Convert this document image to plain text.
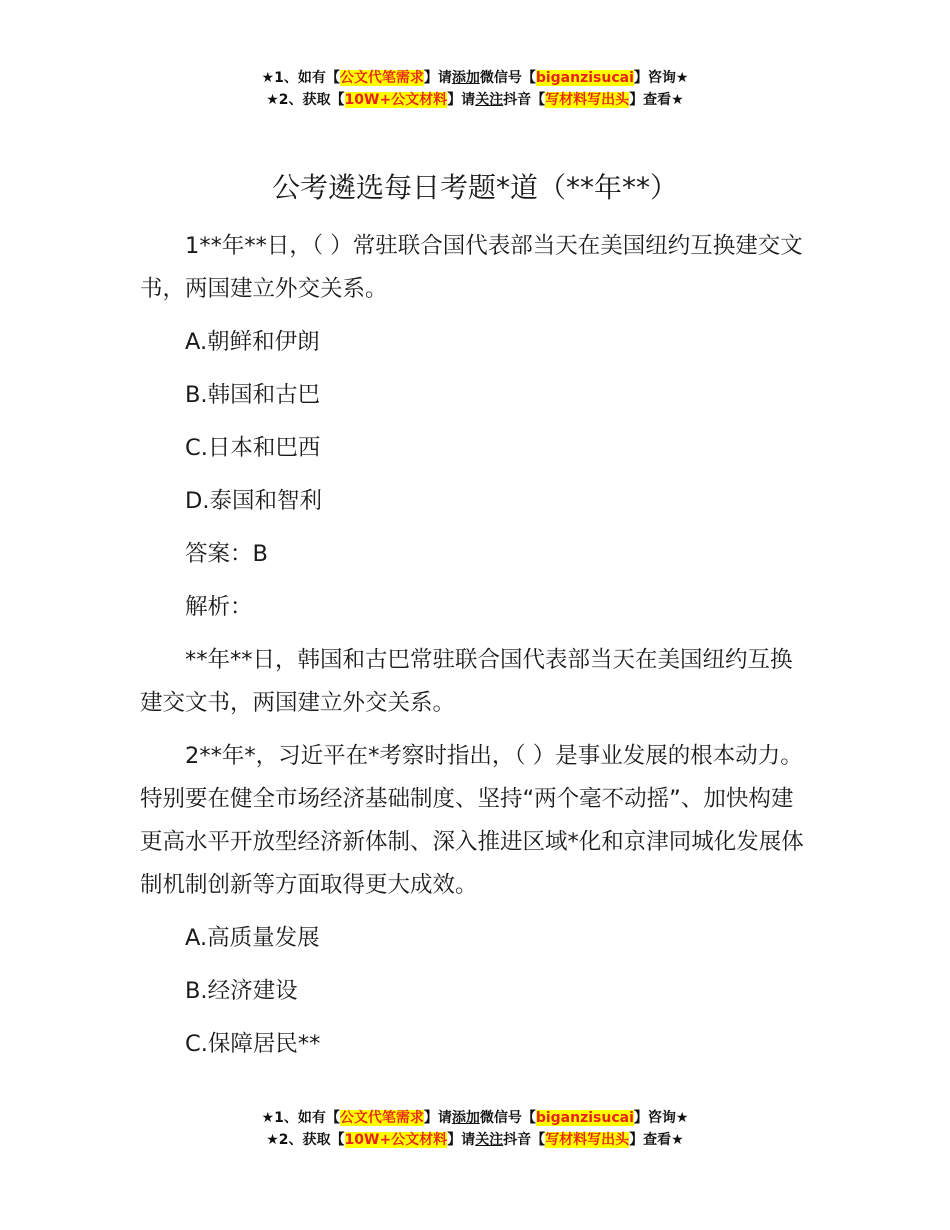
★1、如有【公文代笔需求】请添加微信号【biganzisucai】咨询★
★2、获取【10W+公文材料】请关注抖音【写材料写出头】查看★
公考遴选每日考题*道（**年**）

1**年**日，（ ）常驻联合国代表部当天在美国纽约互换建交文书，两国建立外交关系。

A.朝鲜和伊朗

B.韩国和古巴

C.日本和巴西

D.泰国和智利

答案：B

解析：

**年**日，韩国和古巴常驻联合国代表部当天在美国纽约互换建交文书，两国建立外交关系。

2**年*，习近平在*考察时指出，（ ）是事业发展的根本动力。特别要在健全市场经济基础制度、坚持“两个毫不动摇”、加快构建更高水平开放型经济新体制、深入推进区域*化和京津同城化发展体制机制创新等方面取得更大成效。

A.高质量发展

B.经济建设

C.保障居民**

★1、如有【公文代笔需求】请添加微信号【biganzisucai】咨询★
★2、获取【10W+公文材料】请关注抖音【写材料写出头】查看★
